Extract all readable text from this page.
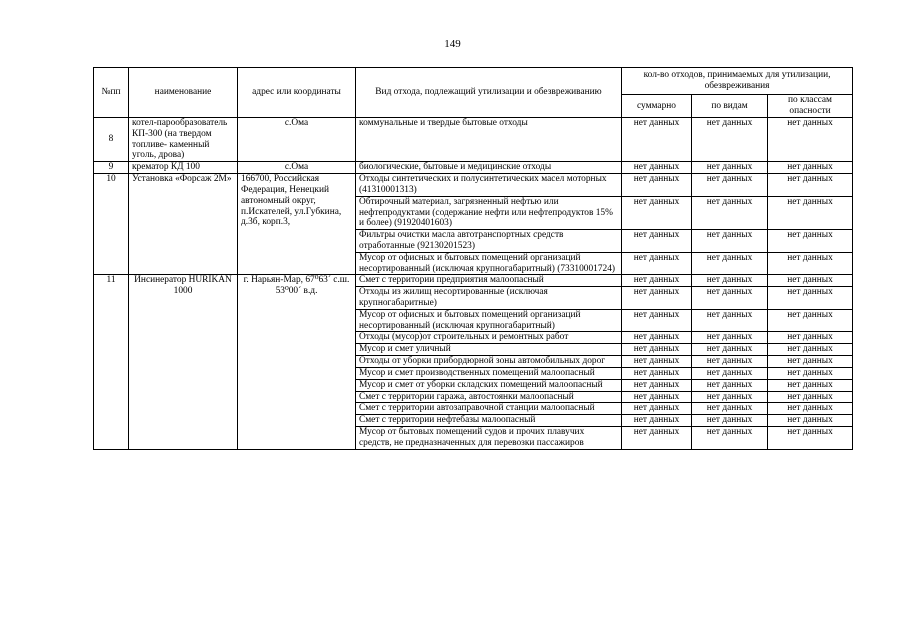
149
№пп	наименование	адрес или координаты	Вид отхода, подлежащий утилизации и обезвреживанию	кол-во отходов, принимаемых для утилизации, обезвреживания		
				суммарно	по видам	по классам опасности
8	котел-парообразователь КП-300 (на твердом топливе- каменный уголь, дрова)	с.Ома	коммунальные и твердые бытовые отходы	нет данных	нет данных	нет данных
9	крематор КД 100	с.Ома	биологические, бытовые и медицинские отходы	нет данных	нет данных	нет данных
10	Установка «Форсаж 2М»	166700, Российская Федерация, Ненецкий автономный округ, п.Искателей, ул.Губкина, д.3б, корп.3,	Отходы синтетических и полусинтетических масел моторных (41310001313)	нет данных	нет данных	нет данных
			Обтирочный материал, загрязненный нефтью или нефтепродуктами (содержание нефти или нефтепродуктов 15% и более) (91920401603)	нет данных	нет данных	нет данных
			Фильтры очистки масла автотранспортных средств отработанные (92130201523)	нет данных	нет данных	нет данных
			Мусор от офисных и бытовых помещений организаций несортированный (исключая крупногабаритный) (73310001724)	нет данных	нет данных	нет данных
11	Инсинератор HURIKAN 1000	г. Нарьян-Мар, 67⁰63´ с.ш. 53⁰00´ в.д.	Смет с территории предприятия малоопасный	нет данных	нет данных	нет данных
			Отходы из жилищ несортированные (исключая крупногабаритные)	нет данных	нет данных	нет данных
			Мусор от офисных и бытовых помещений организаций несортированный (исключая крупногабаритный)	нет данных	нет данных	нет данных
			Отходы (мусор)от строительных и ремонтных работ	нет данных	нет данных	нет данных
			Мусор и смет уличный	нет данных	нет данных	нет данных
			Отходы от уборки прибордюрной зоны автомобильных дорог	нет данных	нет данных	нет данных
			Мусор и смет производственных помещений малоопасный	нет данных	нет данных	нет данных
			Мусор и смет от уборки складских помещений малоопасный	нет данных	нет данных	нет данных
			Смет с территории гаража, автостоянки малоопасный	нет данных	нет данных	нет данных
			Смет с территории автозаправочной станции малоопасный	нет данных	нет данных	нет данных
			Смет с территории нефтебазы малоопасный	нет данных	нет данных	нет данных
			Мусор от бытовых помещений судов и прочих плавучих средств, не предназначенных для перевозки пассажиров	нет данных	нет данных	нет данных
